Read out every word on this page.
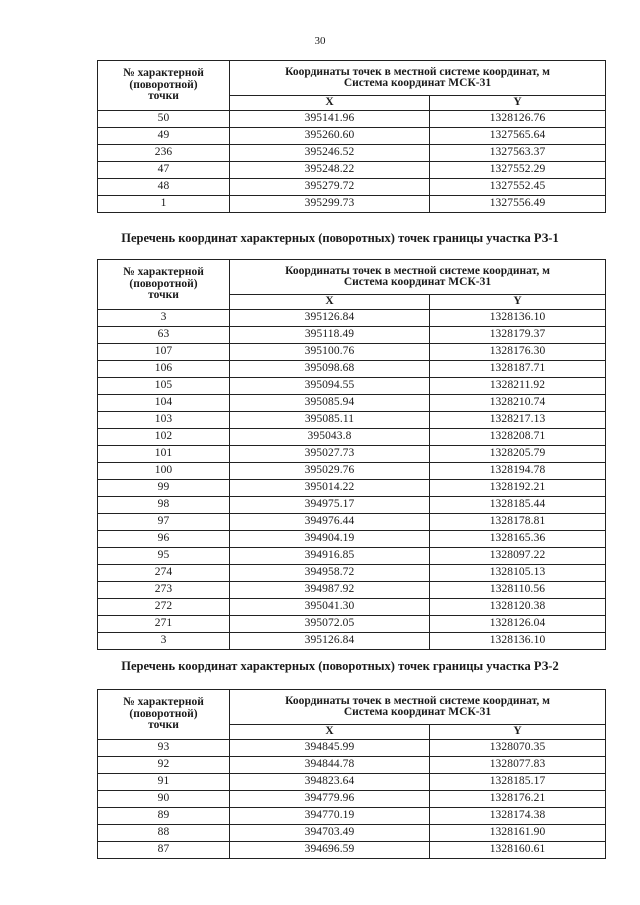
30
№ характерной
(поворотной)
точки	Координаты точек в местной системе координат, м
Система координат МСК-31	

	X	Y
50	395141.96	1328126.76
49	395260.60	1327565.64
236	395246.52	1327563.37
47	395248.22	1327552.29
48	395279.72	1327552.45
1	395299.73	1327556.49
Перечень координат характерных (поворотных) точек границы участка РЗ-1
№ характерной
(поворотной)
точки	Координаты точек в местной системе координат, м
Система координат МСК-31	

	X	Y
3	395126.84	1328136.10
63	395118.49	1328179.37
107	395100.76	1328176.30
106	395098.68	1328187.71
105	395094.55	1328211.92
104	395085.94	1328210.74
103	395085.11	1328217.13
102	395043.8	1328208.71
101	395027.73	1328205.79
100	395029.76	1328194.78
99	395014.22	1328192.21
98	394975.17	1328185.44
97	394976.44	1328178.81
96	394904.19	1328165.36
95	394916.85	1328097.22
274	394958.72	1328105.13
273	394987.92	1328110.56
272	395041.30	1328120.38
271	395072.05	1328126.04
3	395126.84	1328136.10
Перечень координат характерных (поворотных) точек границы участка РЗ-2
№ характерной
(поворотной)
точки	Координаты точек в местной системе координат, м
Система координат МСК-31	

	X	Y
93	394845.99	1328070.35
92	394844.78	1328077.83
91	394823.64	1328185.17
90	394779.96	1328176.21
89	394770.19	1328174.38
88	394703.49	1328161.90
87	394696.59	1328160.61
